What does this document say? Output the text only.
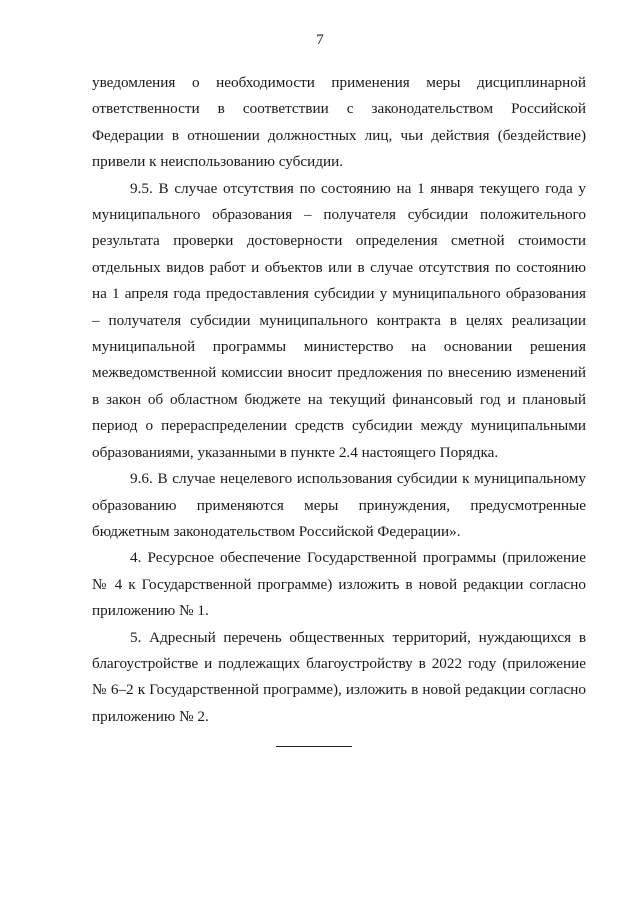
7

уведомления о необходимости применения меры дисциплинарной ответственности в соответствии с законодательством Российской Федерации в отношении должностных лиц, чьи действия (бездействие) привели к неиспользованию субсидии.

9.5. В случае отсутствия по состоянию на 1 января текущего года у муниципального образования – получателя субсидии положительного результата проверки достоверности определения сметной стоимости отдельных видов работ и объектов или в случае отсутствия по состоянию на 1 апреля года предоставления субсидии у муниципального образования – получателя субсидии муниципального контракта в целях реализации муниципальной программы министерство на основании решения межведомственной комиссии вносит предложения по внесению изменений в закон об областном бюджете на текущий финансовый год и плановый период о перераспределении средств субсидии между муниципальными образованиями, указанными в пункте 2.4 настоящего Порядка.

9.6. В случае нецелевого использования субсидии к муниципальному образованию применяются меры принуждения, предусмотренные бюджетным законодательством Российской Федерации».

4. Ресурсное обеспечение Государственной программы (приложение № 4 к Государственной программе) изложить в новой редакции согласно приложению № 1.

5. Адресный перечень общественных территорий, нуждающихся в благоустройстве и подлежащих благоустройству в 2022 году (приложение № 6–2 к Государственной программе), изложить в новой редакции согласно приложению № 2.
